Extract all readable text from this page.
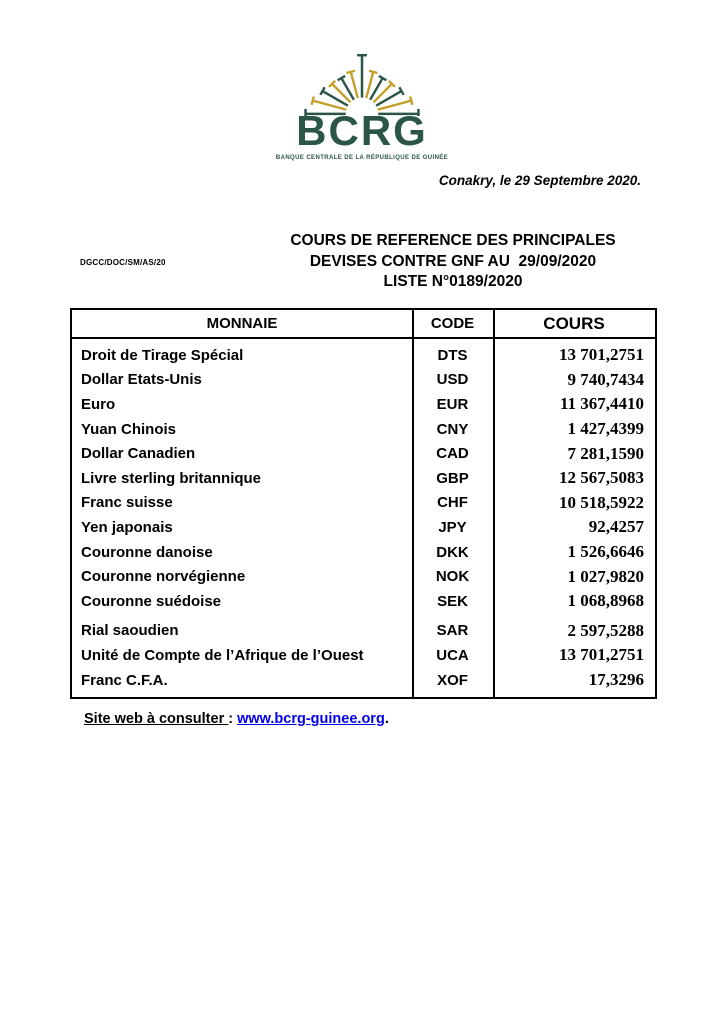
BCRG
BANQUE CENTRALE DE LA RÉPUBLIQUE DE GUINÉE
Conakry, le 29 Septembre 2020.
DGCC/DOC/SM/AS/20
COURS DE REFERENCE DES PRINCIPALES
DEVISES CONTRE GNF AU  29/09/2020
LISTE N°0189/2020
MONNAIE	CODE	COURS
Droit de Tirage Spécial	DTS	13 701,2751
Dollar Etats-Unis	USD	9 740,7434
Euro	EUR	11 367,4410
Yuan Chinois	CNY	1 427,4399
Dollar Canadien	CAD	7 281,1590
Livre sterling britannique	GBP	12 567,5083
Franc suisse	CHF	10 518,5922
Yen japonais	JPY	92,4257
Couronne danoise	DKK	1 526,6646
Couronne norvégienne	NOK	1 027,9820
Couronne suédoise	SEK	1 068,8968
Rial saoudien	SAR	2 597,5288
Unité de Compte de l’Afrique de l’Ouest	UCA	13 701,2751
Franc C.F.A.	XOF	17,3296
Site web à consulter : www.bcrg-guinee.org.
